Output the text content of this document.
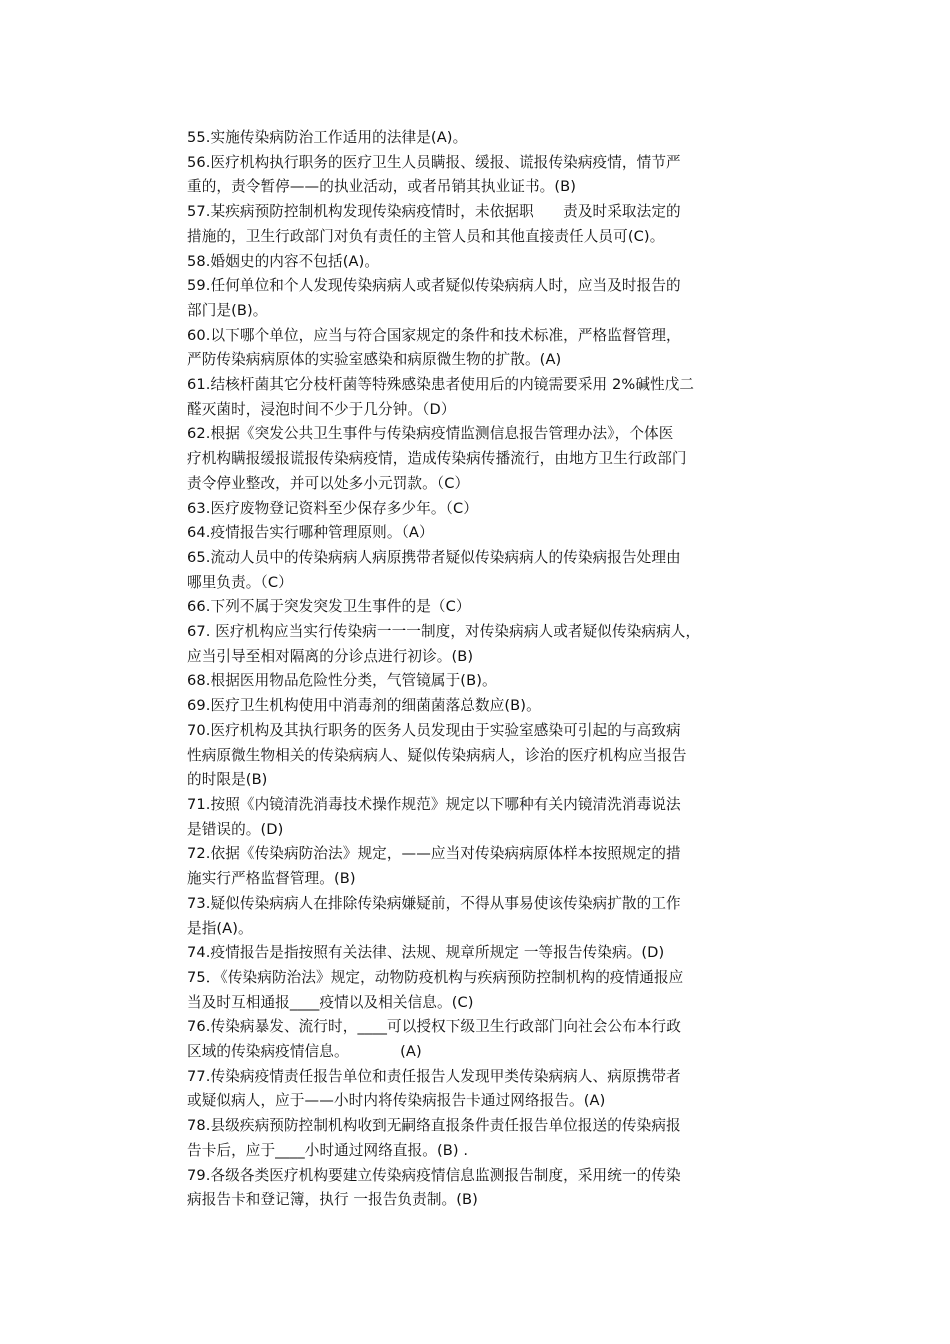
55.实施传染病防治工作适用的法律是(A)。
56.医疗机构执行职务的医疗卫生人员瞒报、缓报、谎报传染病疫情，情节严
重的，责令暂停——的执业活动，或者吊销其执业证书。(B)
57.某疾病预防控制机构发现传染病疫情时，未依据职　　责及时采取法定的
措施的，卫生行政部门对负有责任的主管人员和其他直接责任人员可(C)。
58.婚姻史的内容不包括(A)。
59.任何单位和个人发现传染病病人或者疑似传染病病人时，应当及时报告的
部门是(B)。
60.以下哪个单位，应当与符合国家规定的条件和技术标准，严格监督管理，
严防传染病病原体的实验室感染和病原微生物的扩散。(A)
61.结核杆菌其它分枝杆菌等特殊感染患者使用后的内镜需要采用 2%碱性戊二
醛灭菌时，浸泡时间不少于几分钟。（D）
62.根据《突发公共卫生事件与传染病疫情监测信息报告管理办法》，个体医
疗机构瞒报缓报谎报传染病疫情，造成传染病传播流行，由地方卫生行政部门
责令停业整改，并可以处多小元罚款。（C）
63.医疗废物登记资料至少保存多少年。（C）
64.疫情报告实行哪种管理原则。（A）
65.流动人员中的传染病病人病原携带者疑似传染病病人的传染病报告处理由
哪里负责。（C）
66.下列不属于突发突发卫生事件的是（C）
67. 医疗机构应当实行传染病一一一制度，对传染病病人或者疑似传染病病人，
应当引导至相对隔离的分诊点进行初诊。(B)
68.根据医用物品危险性分类，气管镜属于(B)。
69.医疗卫生机构使用中消毒剂的细菌菌落总数应(B)。
70.医疗机构及其执行职务的医务人员发现由于实验室感染可引起的与高致病
性病原微生物相关的传染病病人、疑似传染病病人，诊治的医疗机构应当报告
的时限是(B)
71.按照《内镜清洗消毒技术操作规范》规定以下哪种有关内镜清洗消毒说法
是错误的。(D)
72.依据《传染病防治法》规定，——应当对传染病病原体样本按照规定的措
施实行严格监督管理。(B)
73.疑似传染病病人在排除传染病嫌疑前，不得从事易使该传染病扩散的工作
是指(A)。
74.疫情报告是指按照有关法律、法规、规章所规定 一等报告传染病。(D)
75．《传染病防治法》规定，动物防疫机构与疾病预防控制机构的疫情通报应
当及时互相通报____疫情以及相关信息。(C)
76.传染病暴发、流行时，____可以授权下级卫生行政部门向社会公布本行政
区域的传染病疫情信息。　　　　(A)
77.传染病疫情责任报告单位和责任报告人发现甲类传染病病人、病原携带者
或疑似病人，应于——小时内将传染病报告卡通过网络报告。(A)
78.县级疾病预防控制机构收到无嗣络直报条件责任报告单位报送的传染病报
告卡后，应于____小时通过网络直报。(B) .
79.各级各类医疗机构要建立传染病疫情信息监测报告制度，采用统一的传染
病报告卡和登记簿，执行 一报告负责制。(B)
